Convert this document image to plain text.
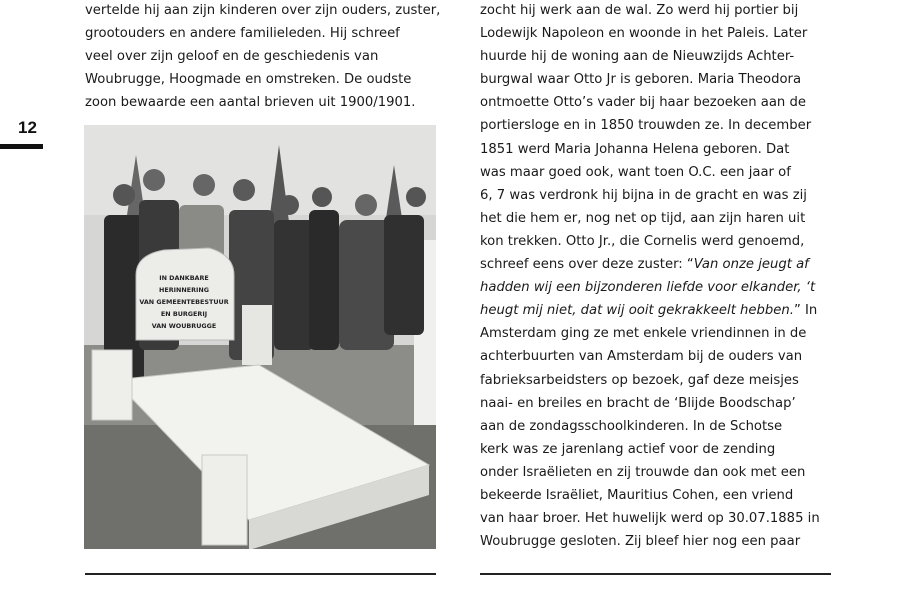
12
vertelde hij aan zijn kinderen over zijn ouders, zuster,
grootouders en andere familieleden. Hij schreef
veel over zijn geloof en de geschiedenis van
Woubrugge, Hoogmade en omstreken. De oudste
zoon bewaarde een aantal brieven uit 1900/1901.
IN DANKBARE
HERINNERING
VAN GEMEENTEBESTUUR
EN BURGERIJ
VAN WOUBRUGGE
zocht hij werk aan de wal. Zo werd hij portier bij
Lodewijk Napoleon en woonde in het Paleis. Later
huurde hij de woning aan de Nieuwzijds Achter-
burgwal waar Otto Jr is geboren. Maria Theodora
ontmoette Otto’s vader bij haar bezoeken aan de
portiersloge en in 1850 trouwden ze. In december
1851 werd Maria Johanna Helena geboren. Dat
was maar goed ook, want toen O.C. een jaar of
6, 7 was verdronk hij bijna in de gracht en was zij
het die hem er, nog net op tijd, aan zijn haren uit
kon trekken. Otto Jr., die Cornelis werd genoemd,
schreef eens over deze zuster: “Van onze jeugt af
hadden wij een bijzonderen liefde voor elkander, ‘t
heugt mij niet, dat wij ooit gekrakkeelt hebben.” In
Amsterdam ging ze met enkele vriendinnen in de
achterbuurten van Amsterdam bij de ouders van
fabrieksarbeidsters op bezoek, gaf deze meisjes
naai- en breiles en bracht de ‘Blijde Boodschap’
aan de zondagsschoolkinderen. In de Schotse
kerk was ze jarenlang actief voor de zending
onder Israëlieten en zij trouwde dan ook met een
bekeerde Israëliet, Mauritius Cohen, een vriend
van haar broer. Het huwelijk werd op 30.07.1885 in
Woubrugge gesloten. Zij bleef hier nog een paar
